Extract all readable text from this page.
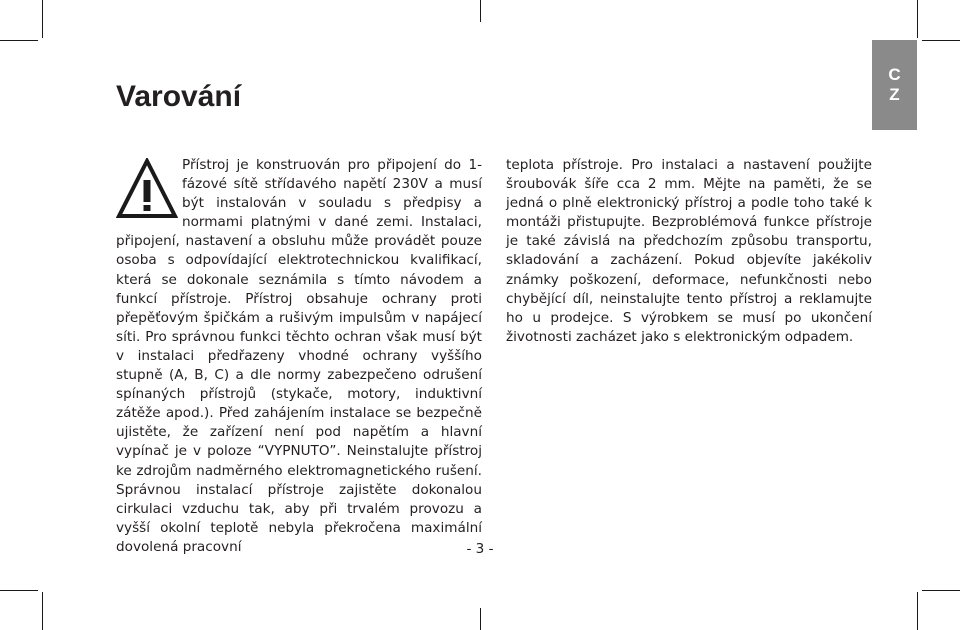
C
Z
Varování
Přístroj je konstruován pro připojení do 1- fázové sítě střídavého napětí 230V a musí být instalován v souladu s předpisy a normami platnými v dané zemi. Instalaci, připojení, nastavení a obsluhu může provádět pouze osoba s odpovídající elektrotechnickou kvalifikací, která se dokonale seznámila s tímto návodem a funkcí přístroje. Přístroj obsahuje ochrany proti přepěťovým špičkám a rušivým impulsům v napájecí síti. Pro správnou funkci těchto ochran však musí být v instalaci předřazeny vhodné ochrany vyššího stupně (A, B, C) a dle normy zabezpečeno odrušení spínaných přístrojů (stykače, motory, induktivní zátěže apod.). Před zahájením instalace se bezpečně ujistěte, že zařízení není pod napětím a hlavní vypínač je v poloze “VYPNUTO”. Neinstalujte přístroj ke zdrojům nadměrného elektromagnetického rušení. Správnou instalací přístroje zajistěte dokonalou cirkulaci vzduchu tak, aby při trvalém provozu a vyšší okolní teplotě nebyla překročena maximální dovolená pracovní

teplota přístroje. Pro instalaci a nastavení použijte šroubovák šíře cca 2 mm. Mějte na paměti, že se jedná o plně elektronický přístroj a podle toho také k montáži přistupujte. Bezproblémová funkce přístroje je také závislá na předchozím způsobu transportu, skladování a zacházení. Pokud objevíte jakékoliv známky poškození, deformace, nefunkčnosti nebo chybějící díl, neinstalujte tento přístroj a reklamujte ho u prodejce. S výrobkem se musí po ukončení životnosti zacházet jako s elektronickým odpadem.

- 3 -
